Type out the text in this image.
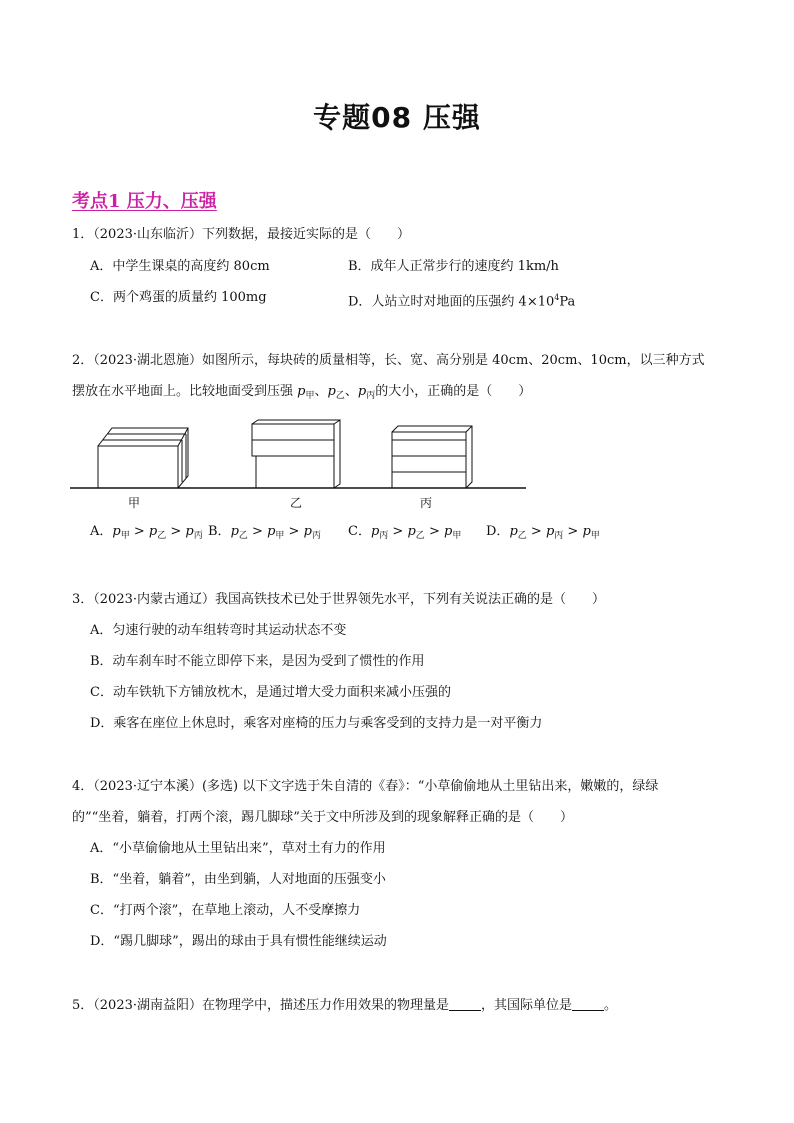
专题08 压强
考点1 压力、压强
1．（2023·山东临沂）下列数据，最接近实际的是（　　）
A．中学生课桌的高度约 80cm	B．成年人正常步行的速度约 1km/h
C．两个鸡蛋的质量约 100mg	D．人站立时对地面的压强约 $4\times 10^4Pa$
2．（2023·湖北恩施）如图所示，每块砖的质量相等，长、宽、高分别是 40cm、20cm、10cm，以三种方式
摆放在水平地面上。比较地面受到压强 $p_甲$、$p_乙$、$p_丙$的大小，正确的是（　　）
甲	乙	丙
A．$p_甲 > p_乙 > p_丙$ B．$p_乙 > p_甲 > p_丙$ C．$p_丙 > p_乙 > p_甲$ D．$p_乙 > p_丙 > p_甲$
3．（2023·内蒙古通辽）我国高铁技术已处于世界领先水平，下列有关说法正确的是（　　）
A．匀速行驶的动车组转弯时其运动状态不变
B．动车刹车时不能立即停下来，是因为受到了惯性的作用
C．动车铁轨下方铺放枕木，是通过增大受力面积来减小压强的
D．乘客在座位上休息时，乘客对座椅的压力与乘客受到的支持力是一对平衡力
4．（2023·辽宁本溪）(多选) 以下文字选于朱自清的《春》：“小草偷偷地从土里钻出来，嫩嫩的，绿绿
的”“坐着，躺着，打两个滚，踢几脚球”关于文中所涉及到的现象解释正确的是（　　）
A．“小草偷偷地从土里钻出来”，草对土有力的作用
B．“坐着，躺着”，由坐到躺，人对地面的压强变小
C．“打两个滚”，在草地上滚动，人不受摩擦力
D．“踢几脚球”，踢出的球由于具有惯性能继续运动
5．（2023·湖南益阳）在物理学中，描述压力作用效果的物理量是 ，其国际单位是 。
